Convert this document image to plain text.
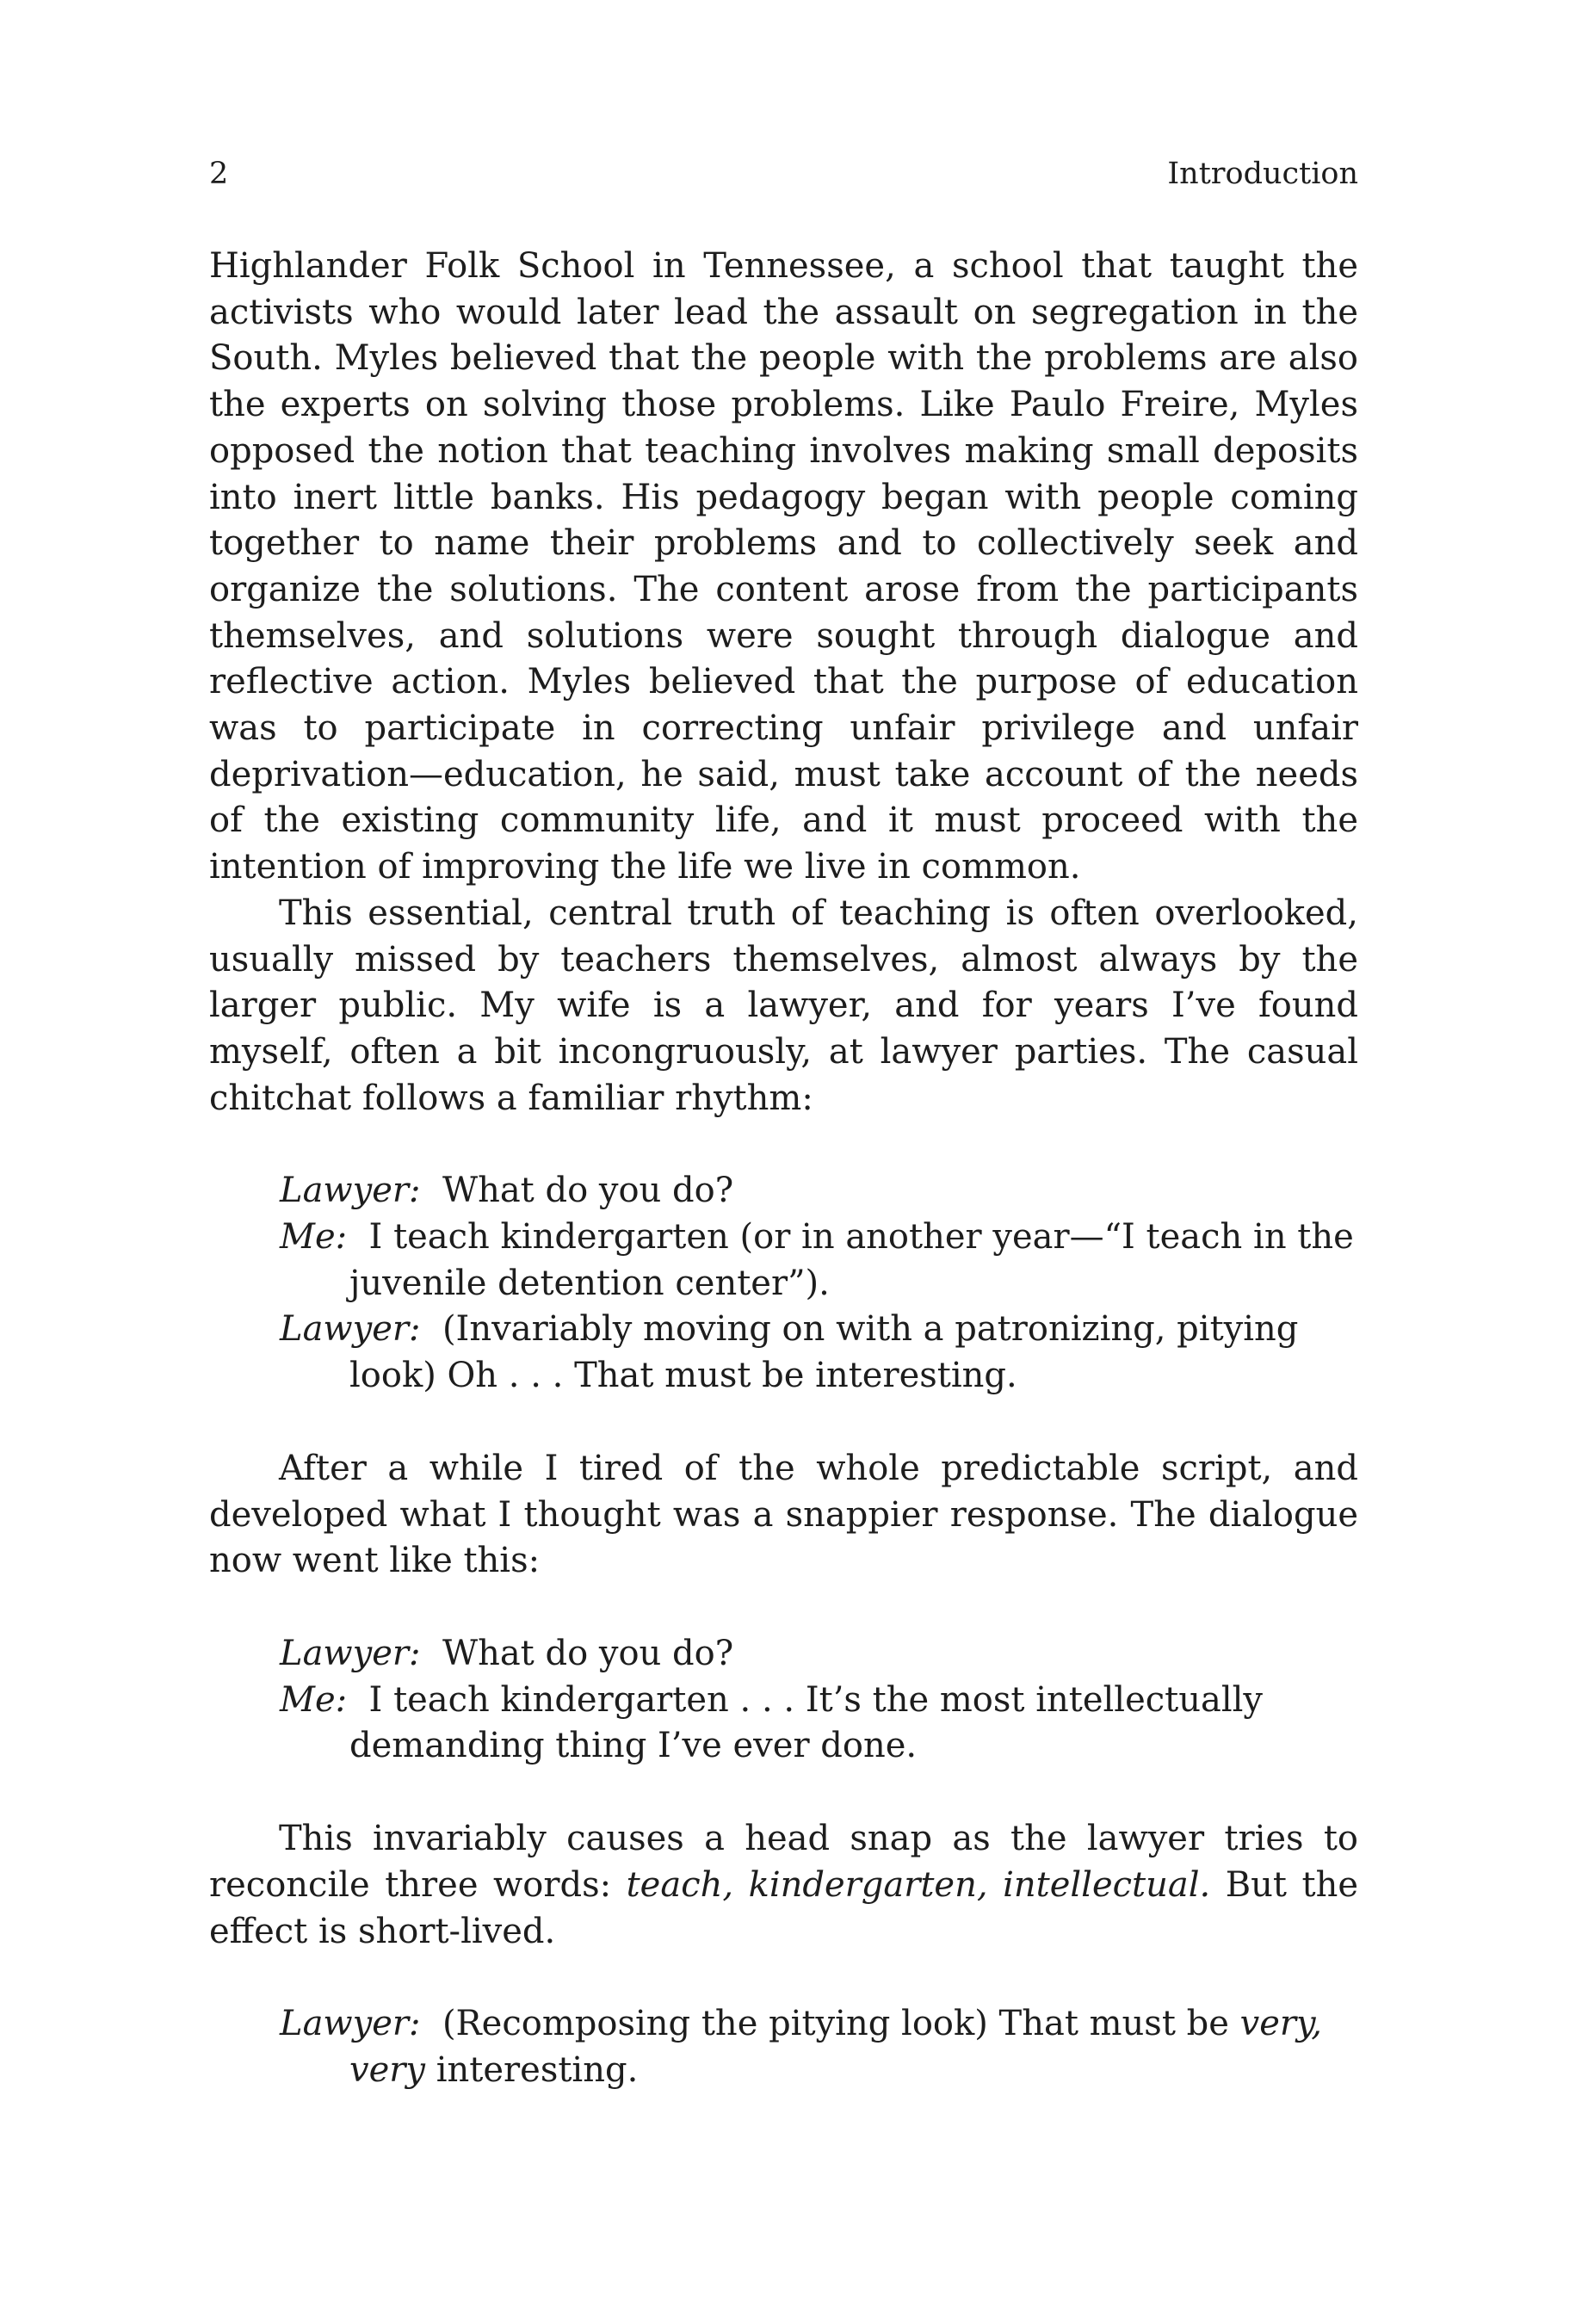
2	Introduction

Highlander Folk School in Tennessee, a school that taught the activists who would later lead the assault on segregation in the South. Myles believed that the people with the problems are also the experts on solving those problems. Like Paulo Freire, Myles opposed the notion that teaching involves making small deposits into inert little banks. His pedagogy began with people coming together to name their problems and to collectively seek and organize the solutions. The content arose from the participants themselves, and solutions were sought through dialogue and reflective action. Myles believed that the purpose of education was to participate in correcting unfair privilege and unfair deprivation—education, he said, must take account of the needs of the existing community life, and it must proceed with the intention of improving the life we live in common.

This essential, central truth of teaching is often overlooked, usually missed by teachers themselves, almost always by the larger public. My wife is a lawyer, and for years I’ve found myself, often a bit incongruously, at lawyer parties. The casual chitchat follows a familiar rhythm:

Lawyer: What do you do?

Me: I teach kindergarten (or in another year—“I teach in the juvenile detention center”).

Lawyer: (Invariably moving on with a patronizing, pitying look) Oh . . . That must be interesting.

After a while I tired of the whole predictable script, and developed what I thought was a snappier response. The dialogue now went like this:

Lawyer: What do you do?

Me: I teach kindergarten . . . It’s the most intellectually demanding thing I’ve ever done.

This invariably causes a head snap as the lawyer tries to reconcile three words: teach, kindergarten, intellectual. But the effect is short-lived.

Lawyer: (Recomposing the pitying look) That must be very, very interesting.
